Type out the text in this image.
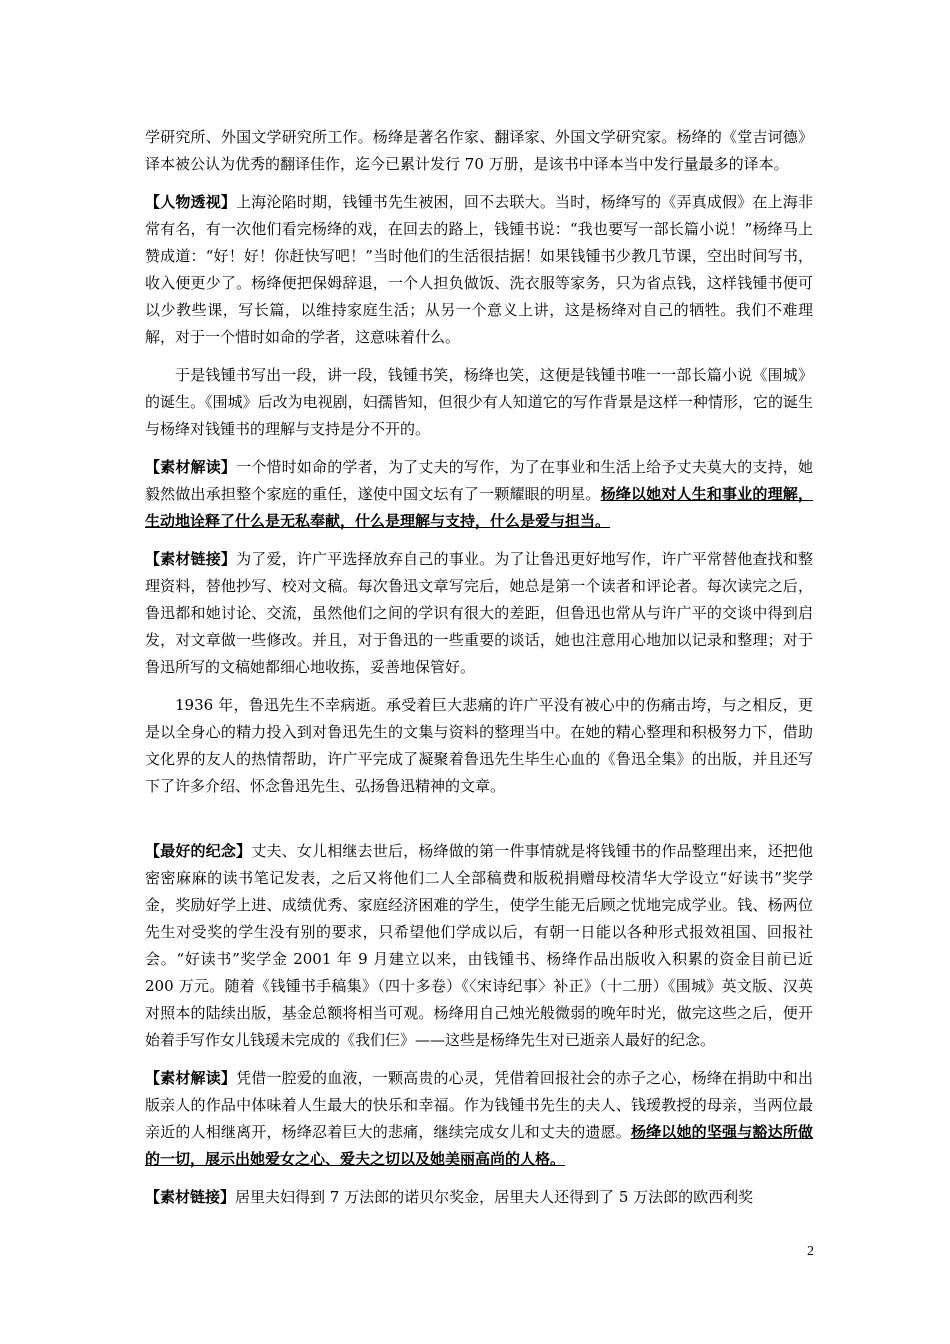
学研究所、外国文学研究所工作。杨绛是著名作家、翻译家、外国文学研究家。杨绛的《堂吉诃德》译本被公认为优秀的翻译佳作，迄今已累计发行 70 万册，是该书中译本当中发行量最多的译本。

【人物透视】上海沦陷时期，钱锺书先生被困，回不去联大。当时，杨绛写的《弄真成假》在上海非常有名，有一次他们看完杨绛的戏，在回去的路上，钱锺书说：“我也要写一部长篇小说！”杨绛马上赞成道：“好！好！你赶快写吧！”当时他们的生活很拮据！如果钱锺书少教几节课，空出时间写书，收入便更少了。杨绛便把保姆辞退，一个人担负做饭、洗衣服等家务，只为省点钱，这样钱锺书便可以少教些课，写长篇，以维持家庭生活；从另一个意义上讲，这是杨绛对自己的牺牲。我们不难理解，对于一个惜时如命的学者，这意味着什么。

于是钱锺书写出一段，讲一段，钱锺书笑，杨绛也笑，这便是钱锺书唯一一部长篇小说《围城》的诞生。《围城》后改为电视剧，妇孺皆知，但很少有人知道它的写作背景是这样一种情形，它的诞生与杨绛对钱锺书的理解与支持是分不开的。

【素材解读】一个惜时如命的学者，为了丈夫的写作，为了在事业和生活上给予丈夫莫大的支持，她毅然做出承担整个家庭的重任，遂使中国文坛有了一颗耀眼的明星。杨绛以她对人生和事业的理解，生动地诠释了什么是无私奉献，什么是理解与支持，什么是爱与担当。

【素材链接】为了爱，许广平选择放弃自己的事业。为了让鲁迅更好地写作，许广平常替他查找和整理资料，替他抄写、校对文稿。每次鲁迅文章写完后，她总是第一个读者和评论者。每次读完之后，鲁迅都和她讨论、交流，虽然他们之间的学识有很大的差距，但鲁迅也常从与许广平的交谈中得到启发，对文章做一些修改。并且，对于鲁迅的一些重要的谈话，她也注意用心地加以记录和整理；对于鲁迅所写的文稿她都细心地收拣，妥善地保管好。

1936 年，鲁迅先生不幸病逝。承受着巨大悲痛的许广平没有被心中的伤痛击垮，与之相反，更是以全身心的精力投入到对鲁迅先生的文集与资料的整理当中。在她的精心整理和积极努力下，借助文化界的友人的热情帮助，许广平完成了凝聚着鲁迅先生毕生心血的《鲁迅全集》的出版，并且还写下了许多介绍、怀念鲁迅先生、弘扬鲁迅精神的文章。

【最好的纪念】丈夫、女儿相继去世后，杨绛做的第一件事情就是将钱锺书的作品整理出来，还把他密密麻麻的读书笔记发表，之后又将他们二人全部稿费和版税捐赠母校清华大学设立“好读书”奖学金，奖励好学上进、成绩优秀、家庭经济困难的学生，使学生能无后顾之忧地完成学业。钱、杨两位先生对受奖的学生没有别的要求，只希望他们学成以后，有朝一日能以各种形式报效祖国、回报社会。“好读书”奖学金 2001 年 9 月建立以来，由钱锺书、杨绛作品出版收入积累的资金目前已近 200 万元。随着《钱锺书手稿集》（四十多卷）《〈宋诗纪事〉补正》（十二册）《围城》英文版、汉英对照本的陆续出版，基金总额将相当可观。杨绛用自己烛光般微弱的晚年时光，做完这些之后，便开始着手写作女儿钱瑗未完成的《我们仨》——这些是杨绛先生对已逝亲人最好的纪念。

【素材解读】凭借一腔爱的血液，一颗高贵的心灵，凭借着回报社会的赤子之心，杨绛在捐助中和出版亲人的作品中体味着人生最大的快乐和幸福。作为钱锺书先生的夫人、钱瑷教授的母亲，当两位最亲近的人相继离开，杨绛忍着巨大的悲痛，继续完成女儿和丈夫的遗愿。杨绛以她的坚强与豁达所做的一切，展示出她爱女之心、爱夫之切以及她美丽高尚的人格。

【素材链接】居里夫妇得到 7 万法郎的诺贝尔奖金，居里夫人还得到了 5 万法郎的欧西利奖

2
